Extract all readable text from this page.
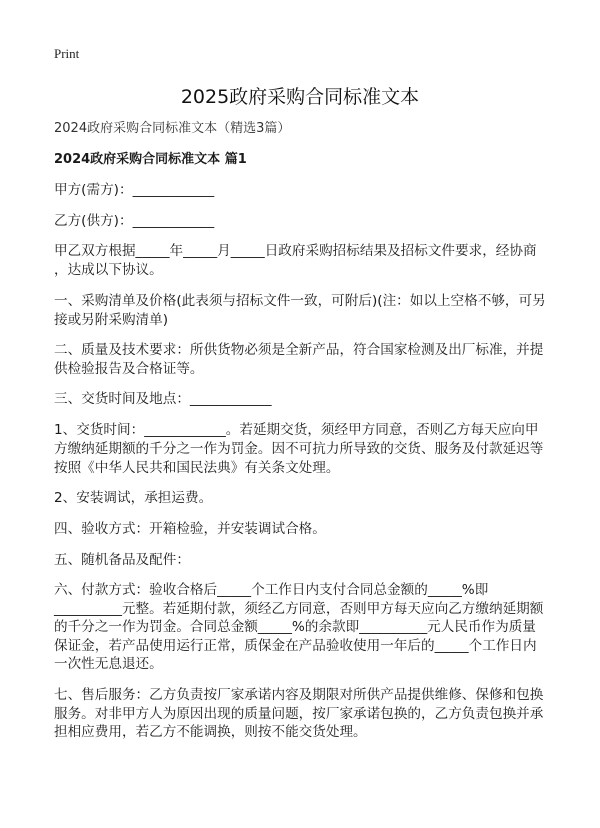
Print
2025政府采购合同标准文本
2024政府采购合同标准文本（精选3篇）
2024政府采购合同标准文本 篇1
甲方(需方)：____________
乙方(供方)：____________
甲乙双方根据_____年_____月_____日政府采购招标结果及招标文件要求，经协商
，达成以下协议。
一、采购清单及价格(此表须与招标文件一致，可附后)(注：如以上空格不够，可另
接或另附采购清单)
二、质量及技术要求：所供货物必须是全新产品，符合国家检测及出厂标准，并提
供检验报告及合格证等。
三、交货时间及地点：____________
1、交货时间：____________。若延期交货，须经甲方同意，否则乙方每天应向甲
方缴纳延期额的千分之一作为罚金。因不可抗力所导致的交货、服务及付款延迟等
按照《中华人民共和国民法典》有关条文处理。
2、安装调试，承担运费。
四、验收方式：开箱检验，并安装调试合格。
五、随机备品及配件：
六、付款方式：验收合格后_____个工作日内支付合同总金额的_____%即
__________元整。若延期付款，须经乙方同意，否则甲方每天应向乙方缴纳延期额
的千分之一作为罚金。合同总金额_____%的余款即__________元人民币作为质量
保证金，若产品使用运行正常，质保金在产品验收使用一年后的_____个工作日内
一次性无息退还。
七、售后服务：乙方负责按厂家承诺内容及期限对所供产品提供维修、保修和包换
服务。对非甲方人为原因出现的质量问题，按厂家承诺包换的，乙方负责包换并承
担相应费用，若乙方不能调换，则按不能交货处理。
